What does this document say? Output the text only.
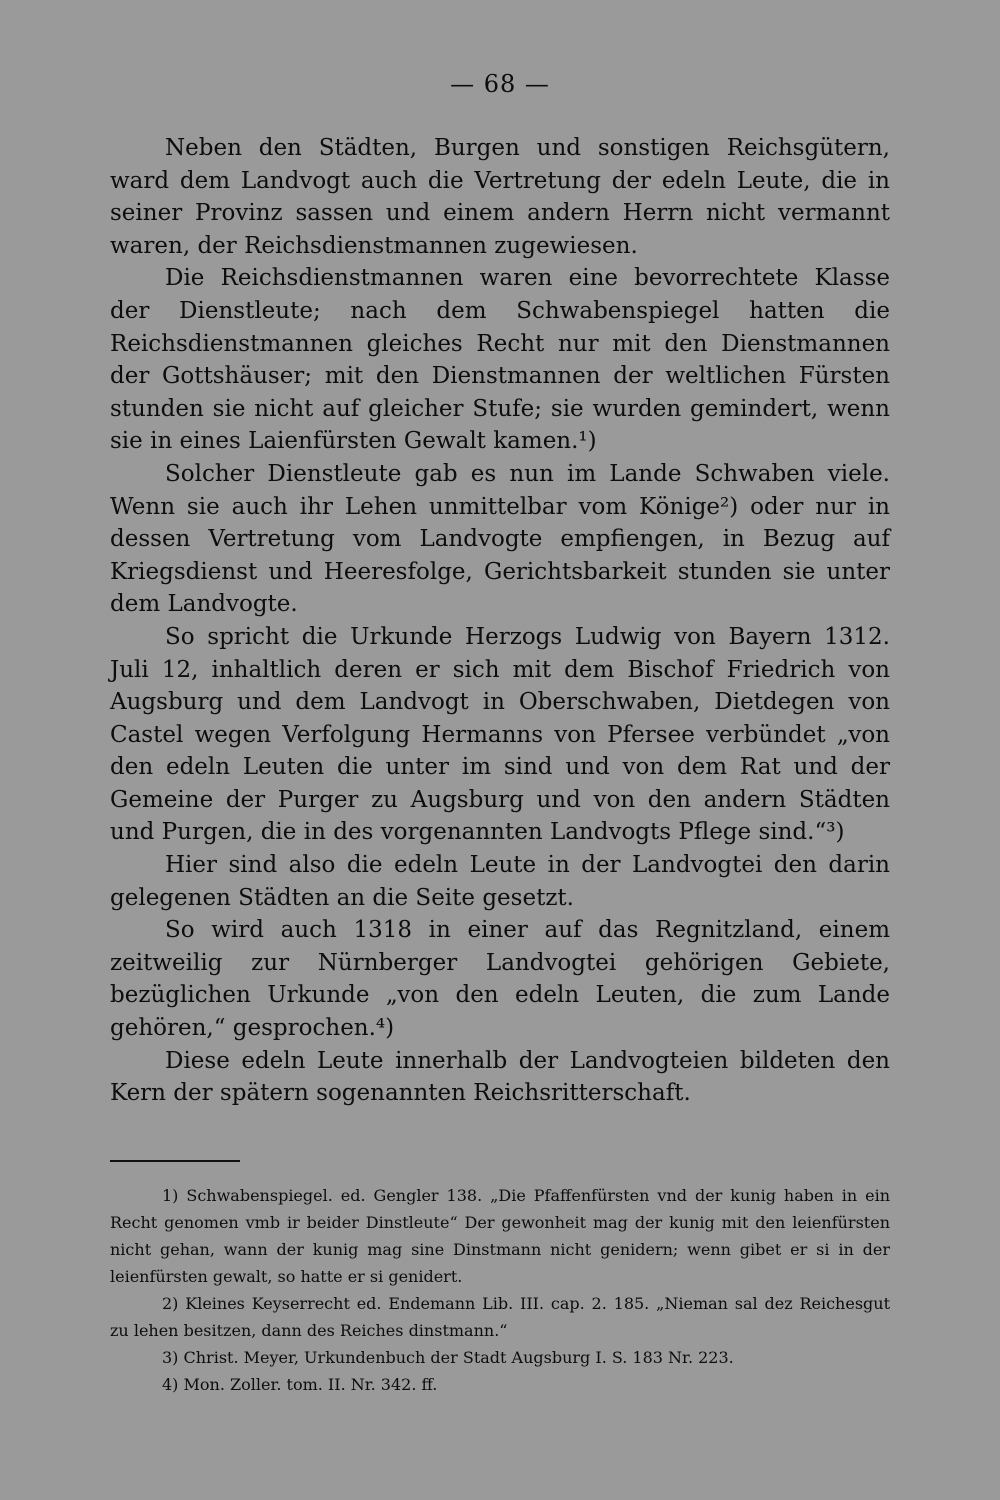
— 68 —

Neben den Städten, Burgen und sonstigen Reichsgütern, ward dem Landvogt auch die Vertretung der edeln Leute, die in seiner Provinz sassen und einem andern Herrn nicht vermannt waren, der Reichsdienstmannen zugewiesen.

Die Reichsdienstmannen waren eine bevorrechtete Klasse der Dienstleute; nach dem Schwabenspiegel hatten die Reichsdienstmannen gleiches Recht nur mit den Dienstmannen der Gottshäuser; mit den Dienstmannen der weltlichen Fürsten stunden sie nicht auf gleicher Stufe; sie wurden gemindert, wenn sie in eines Laienfürsten Gewalt kamen.¹)

Solcher Dienstleute gab es nun im Lande Schwaben viele. Wenn sie auch ihr Lehen unmittelbar vom Könige²) oder nur in dessen Vertretung vom Landvogte empfiengen, in Bezug auf Kriegsdienst und Heeresfolge, Gerichtsbarkeit stunden sie unter dem Landvogte.

So spricht die Urkunde Herzogs Ludwig von Bayern 1312. Juli 12, inhaltlich deren er sich mit dem Bischof Friedrich von Augsburg und dem Landvogt in Oberschwaben, Dietdegen von Castel wegen Verfolgung Hermanns von Pfersee verbündet „von den edeln Leuten die unter im sind und von dem Rat und der Gemeine der Purger zu Augsburg und von den andern Städten und Purgen, die in des vorgenannten Landvogts Pflege sind.“³)

Hier sind also die edeln Leute in der Landvogtei den darin gelegenen Städten an die Seite gesetzt.

So wird auch 1318 in einer auf das Regnitzland, einem zeitweilig zur Nürnberger Landvogtei gehörigen Gebiete, bezüglichen Urkunde „von den edeln Leuten, die zum Lande gehören,“ gesprochen.⁴)

Diese edeln Leute innerhalb der Landvogteien bildeten den Kern der spätern sogenannten Reichsritterschaft.

1) Schwabenspiegel. ed. Gengler 138. „Die Pfaffenfürsten vnd der kunig haben in ein Recht genomen vmb ir beider Dinstleute“ Der gewonheit mag der kunig mit den leienfürsten nicht gehan, wann der kunig mag sine Dinstmann nicht genidern; wenn gibet er si in der leienfürsten gewalt, so hatte er si genidert.

2) Kleines Keyserrecht ed. Endemann Lib. III. cap. 2. 185. „Nieman sal dez Reichesgut zu lehen besitzen, dann des Reiches dinstmann.“

3) Christ. Meyer, Urkundenbuch der Stadt Augsburg I. S. 183 Nr. 223.

4) Mon. Zoller. tom. II. Nr. 342. ff.
